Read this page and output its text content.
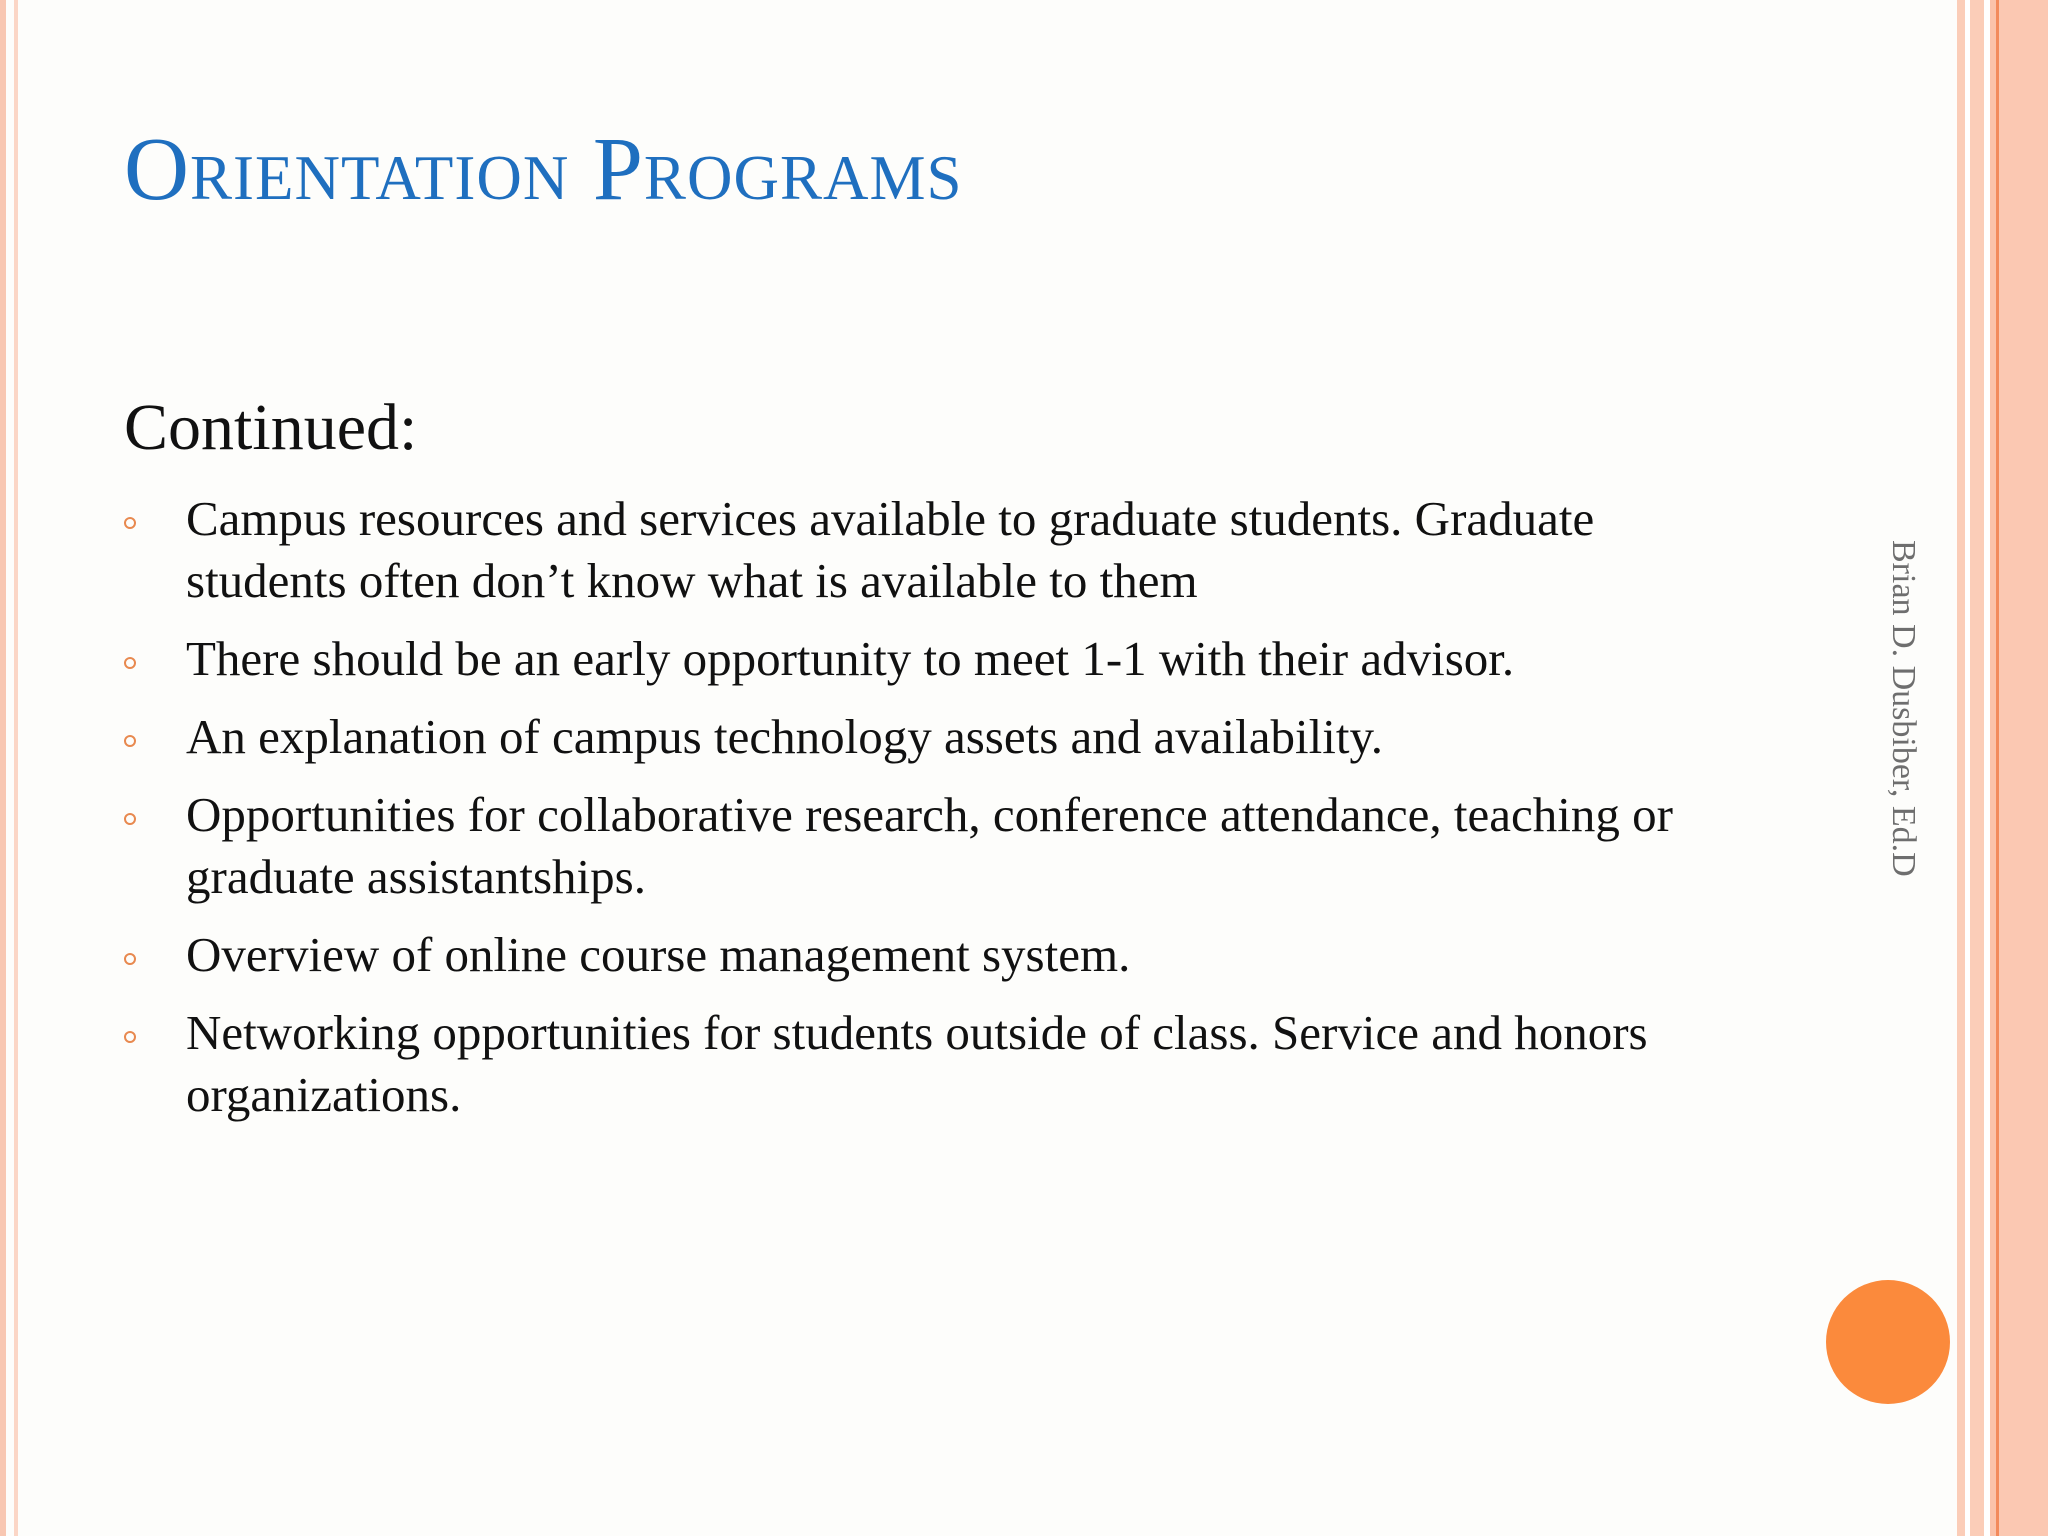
Orientation Programs
Continued:
Campus resources and services available to graduate students. Graduate students often don’t know what is available to them
There should be an early opportunity to meet 1-1 with their advisor.
An explanation of campus technology assets and availability.
Opportunities for collaborative research, conference attendance, teaching or graduate assistantships.
Overview of online course management system.
Networking opportunities for students outside of class. Service and honors organizations.
Brian D. Dusbiber, Ed.D
